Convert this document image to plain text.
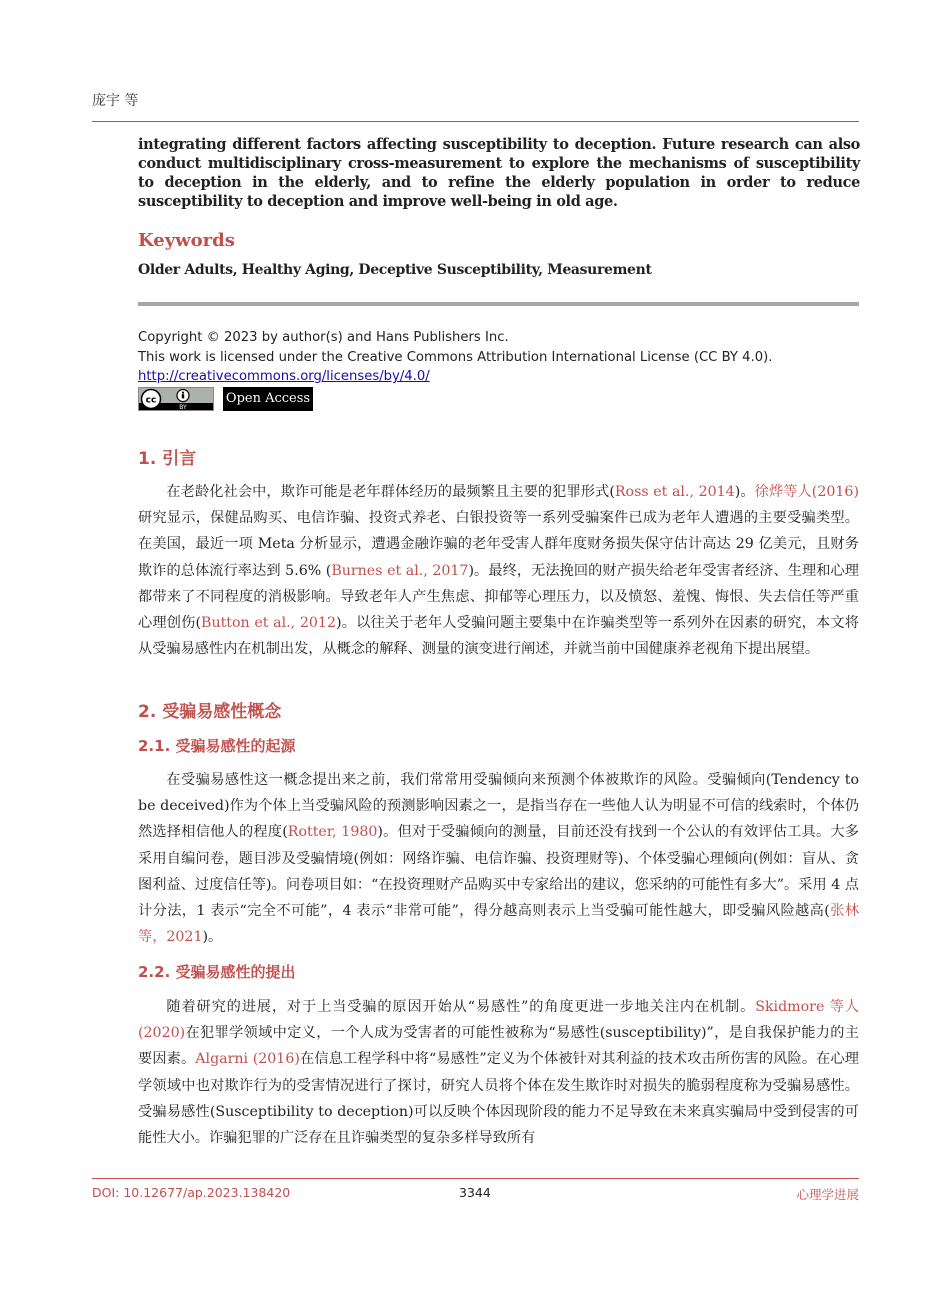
庞宇 等
integrating different factors affecting susceptibility to deception. Future research can also conduct multidisciplinary cross-measurement to explore the mechanisms of susceptibility to deception in the elderly, and to refine the elderly population in order to reduce susceptibility to deception and improve well-being in old age.
Keywords
Older Adults, Healthy Aging, Deceptive Susceptibility, Measurement
Copyright © 2023 by author(s) and Hans Publishers Inc.
This work is licensed under the Creative Commons Attribution International License (CC BY 4.0).
http://creativecommons.org/licenses/by/4.0/
cc
BY
Open Access
1. 引言
在老龄化社会中，欺诈可能是老年群体经历的最频繁且主要的犯罪形式(Ross et al., 2014)。徐烨等人(2016)研究显示，保健品购买、电信诈骗、投资式养老、白银投资等一系列受骗案件已成为老年人遭遇的主要受骗类型。在美国，最近一项 Meta 分析显示，遭遇金融诈骗的老年受害人群年度财务损失保守估计高达 29 亿美元，且财务欺诈的总体流行率达到 5.6% (Burnes et al., 2017)。最终，无法挽回的财产损失给老年受害者经济、生理和心理都带来了不同程度的消极影响。导致老年人产生焦虑、抑郁等心理压力，以及愤怒、羞愧、悔恨、失去信任等严重心理创伤(Button et al., 2012)。以往关于老年人受骗问题主要集中在诈骗类型等一系列外在因素的研究，本文将从受骗易感性内在机制出发，从概念的解释、测量的演变进行阐述，并就当前中国健康养老视角下提出展望。
2. 受骗易感性概念
2.1. 受骗易感性的起源
在受骗易感性这一概念提出来之前，我们常常用受骗倾向来预测个体被欺诈的风险。受骗倾向(Tendency to be deceived)作为个体上当受骗风险的预测影响因素之一，是指当存在一些他人认为明显不可信的线索时，个体仍然选择相信他人的程度(Rotter, 1980)。但对于受骗倾向的测量，目前还没有找到一个公认的有效评估工具。大多采用自编问卷，题目涉及受骗情境(例如：网络诈骗、电信诈骗、投资理财等)、个体受骗心理倾向(例如：盲从、贪图利益、过度信任等)。问卷项目如：“在投资理财产品购买中专家给出的建议，您采纳的可能性有多大”。采用 4 点计分法，1 表示“完全不可能”，4 表示“非常可能”，得分越高则表示上当受骗可能性越大，即受骗风险越高(张林等，2021)。
2.2. 受骗易感性的提出
随着研究的进展，对于上当受骗的原因开始从“易感性”的角度更进一步地关注内在机制。Skidmore 等人(2020)在犯罪学领域中定义，一个人成为受害者的可能性被称为“易感性(susceptibility)”，是自我保护能力的主要因素。Algarni (2016)在信息工程学科中将“易感性”定义为个体被针对其利益的技术攻击所伤害的风险。在心理学领域中也对欺诈行为的受害情况进行了探讨，研究人员将个体在发生欺诈时对损失的脆弱程度称为受骗易感性。受骗易感性(Susceptibility to deception)可以反映个体因现阶段的能力不足导致在未来真实骗局中受到侵害的可能性大小。诈骗犯罪的广泛存在且诈骗类型的复杂多样导致所有
DOI: 10.12677/ap.2023.138420	3344	心理学进展
